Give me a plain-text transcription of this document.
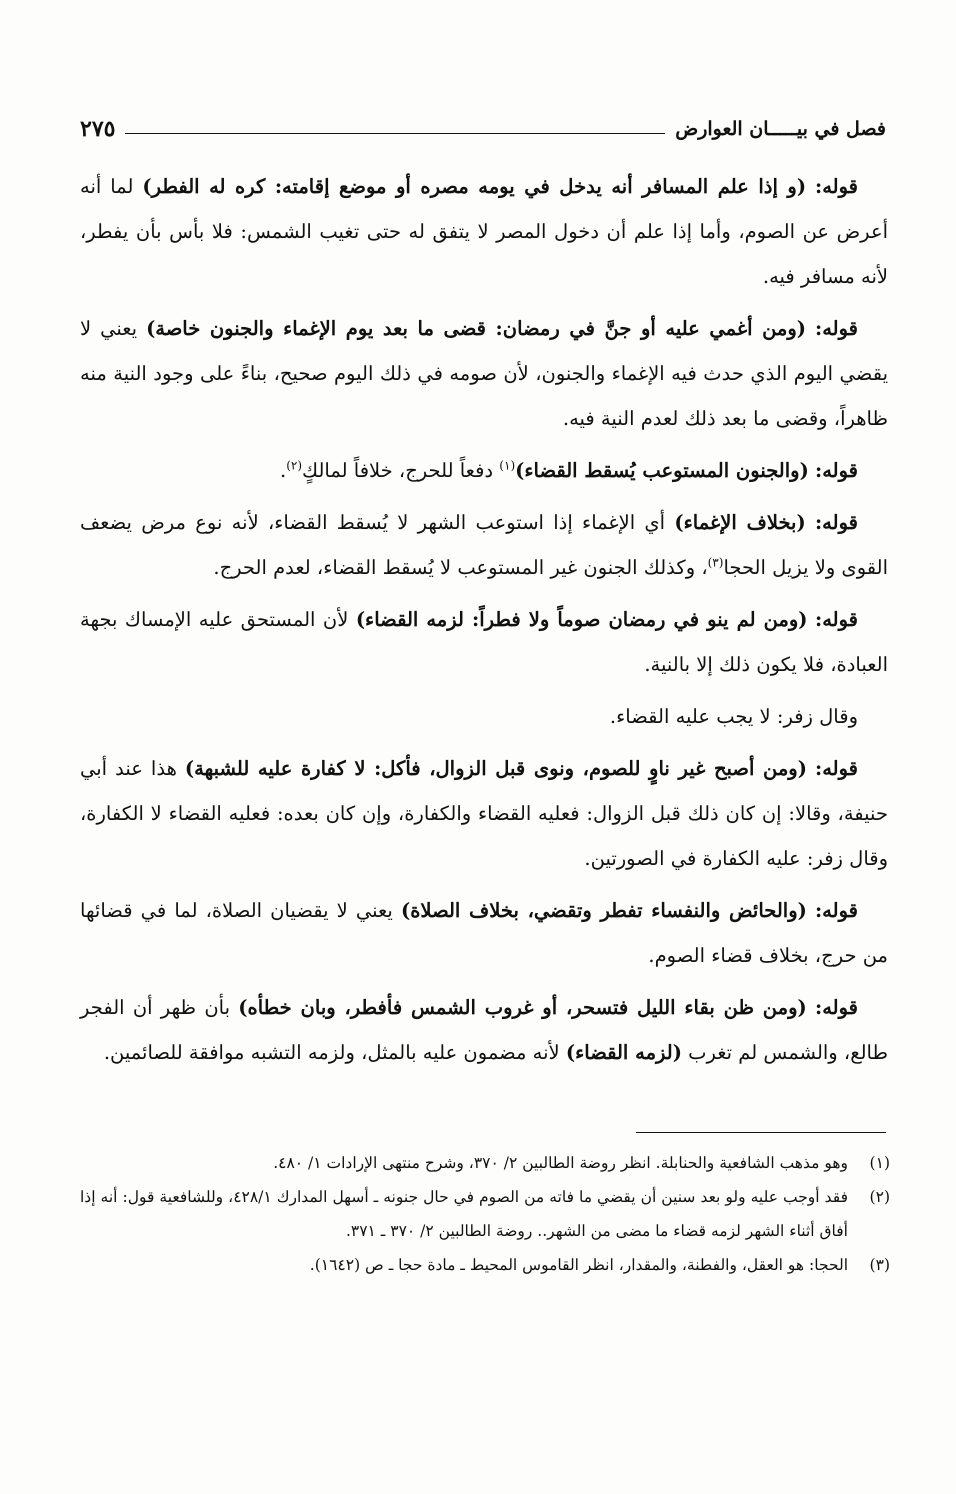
فصل في بيـــــان العوارض
٢٧٥

قوله: (و إذا علم المسافر أنه يدخل في يومه مصره أو موضع إقامته: كره له الفطر) لما أنه أعرض عن الصوم، وأما إذا علم أن دخول المصر لا يتفق له حتى تغيب الشمس: فلا بأس بأن يفطر، لأنه مسافر فيه.

قوله: (ومن أغمي عليه أو جنَّ في رمضان: قضى ما بعد يوم الإغماء والجنون خاصة) يعني لا يقضي اليوم الذي حدث فيه الإغماء والجنون، لأن صومه في ذلك اليوم صحيح، بناءً على وجود النية منه ظاهراً، وقضى ما بعد ذلك لعدم النية فيه.

قوله: (والجنون المستوعب يُسقط القضاء)$^{(١)}$ دفعاً للحرج، خلافاً لمالكٍ$^{(٢)}$.

قوله: (بخلاف الإغماء) أي الإغماء إذا استوعب الشهر لا يُسقط القضاء، لأنه نوع مرض يضعف القوى ولا يزيل الحجا$^{(٣)}$، وكذلك الجنون غير المستوعب لا يُسقط القضاء، لعدم الحرج.

قوله: (ومن لم ينو في رمضان صوماً ولا فطراً: لزمه القضاء) لأن المستحق عليه الإمساك بجهة العبادة، فلا يكون ذلك إلا بالنية.

وقال زفر: لا يجب عليه القضاء.

قوله: (ومن أصبح غير ناوٍ للصوم، ونوى قبل الزوال، فأكل: لا كفارة عليه للشبهة) هذا عند أبي حنيفة، وقالا: إن كان ذلك قبل الزوال: فعليه القضاء والكفارة، وإن كان بعده: فعليه القضاء لا الكفارة، وقال زفر: عليه الكفارة في الصورتين.

قوله: (والحائض والنفساء تفطر وتقضي، بخلاف الصلاة) يعني لا يقضيان الصلاة، لما في قضائها من حرج، بخلاف قضاء الصوم.

قوله: (ومن ظن بقاء الليل فتسحر، أو غروب الشمس فأفطر، وبان خطأه) بأن ظهر أن الفجر طالع، والشمس لم تغرب (لزمه القضاء) لأنه مضمون عليه بالمثل، ولزمه التشبه موافقة للصائمين.

(١)
وهو مذهب الشافعية والحنابلة. انظر روضة الطالبين ٢/ ٣٧٠، وشرح منتهى الإرادات ١/ ٤٨٠.
(٢)
فقد أوجب عليه ولو بعد سنين أن يقضي ما فاته من الصوم في حال جنونه ـ أسهل المدارك ٤٢٨/١، وللشافعية قول: أنه إذا أفاق أثناء الشهر لزمه قضاء ما مضى من الشهر.. روضة الطالبين ٢/ ٣٧٠ ـ ٣٧١.
(٣)
الحجا: هو العقل، والفطنة، والمقدار، انظر القاموس المحيط ـ مادة حجا ـ ص (١٦٤٢).
